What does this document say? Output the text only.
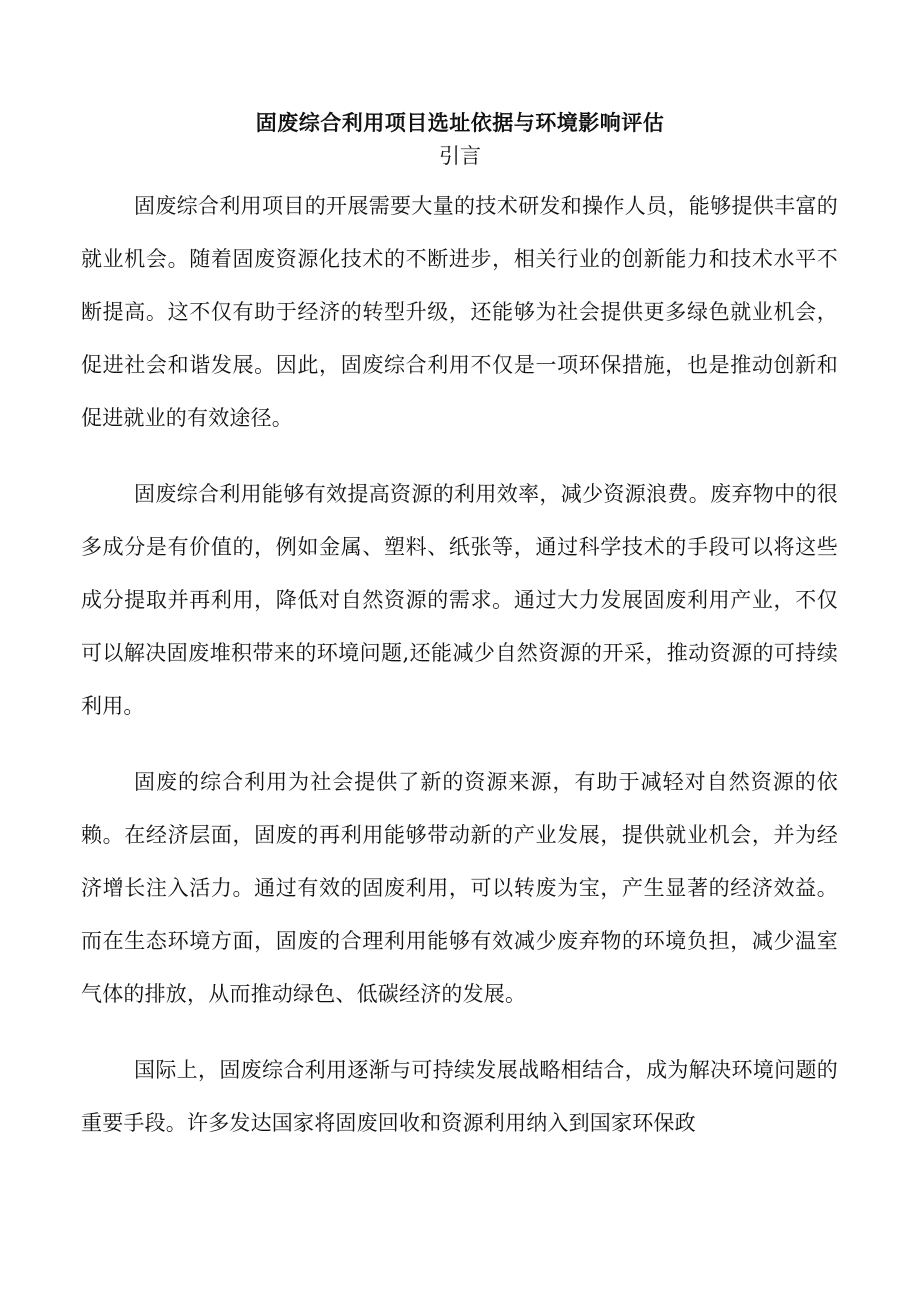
固废综合利用项目选址依据与环境影响评估
引言

固废综合利用项目的开展需要大量的技术研发和操作人员，能够提供丰富的就业机会。随着固废资源化技术的不断进步，相关行业的创新能力和技术水平不断提高。这不仅有助于经济的转型升级，还能够为社会提供更多绿色就业机会，促进社会和谐发展。因此，固废综合利用不仅是一项环保措施，也是推动创新和促进就业的有效途径。

固废综合利用能够有效提高资源的利用效率，减少资源浪费。废弃物中的很多成分是有价值的，例如金属、塑料、纸张等，通过科学技术的手段可以将这些成分提取并再利用，降低对自然资源的需求。通过大力发展固废利用产业，不仅可以解决固废堆积带来的环境问题,还能减少自然资源的开采，推动资源的可持续利用。

固废的综合利用为社会提供了新的资源来源，有助于减轻对自然资源的依赖。在经济层面，固废的再利用能够带动新的产业发展，提供就业机会，并为经济增长注入活力。通过有效的固废利用，可以转废为宝，产生显著的经济效益。而在生态环境方面，固废的合理利用能够有效减少废弃物的环境负担，减少温室气体的排放，从而推动绿色、低碳经济的发展。

国际上，固废综合利用逐渐与可持续发展战略相结合，成为解决环境问题的重要手段。许多发达国家将固废回收和资源利用纳入到国家环保政
